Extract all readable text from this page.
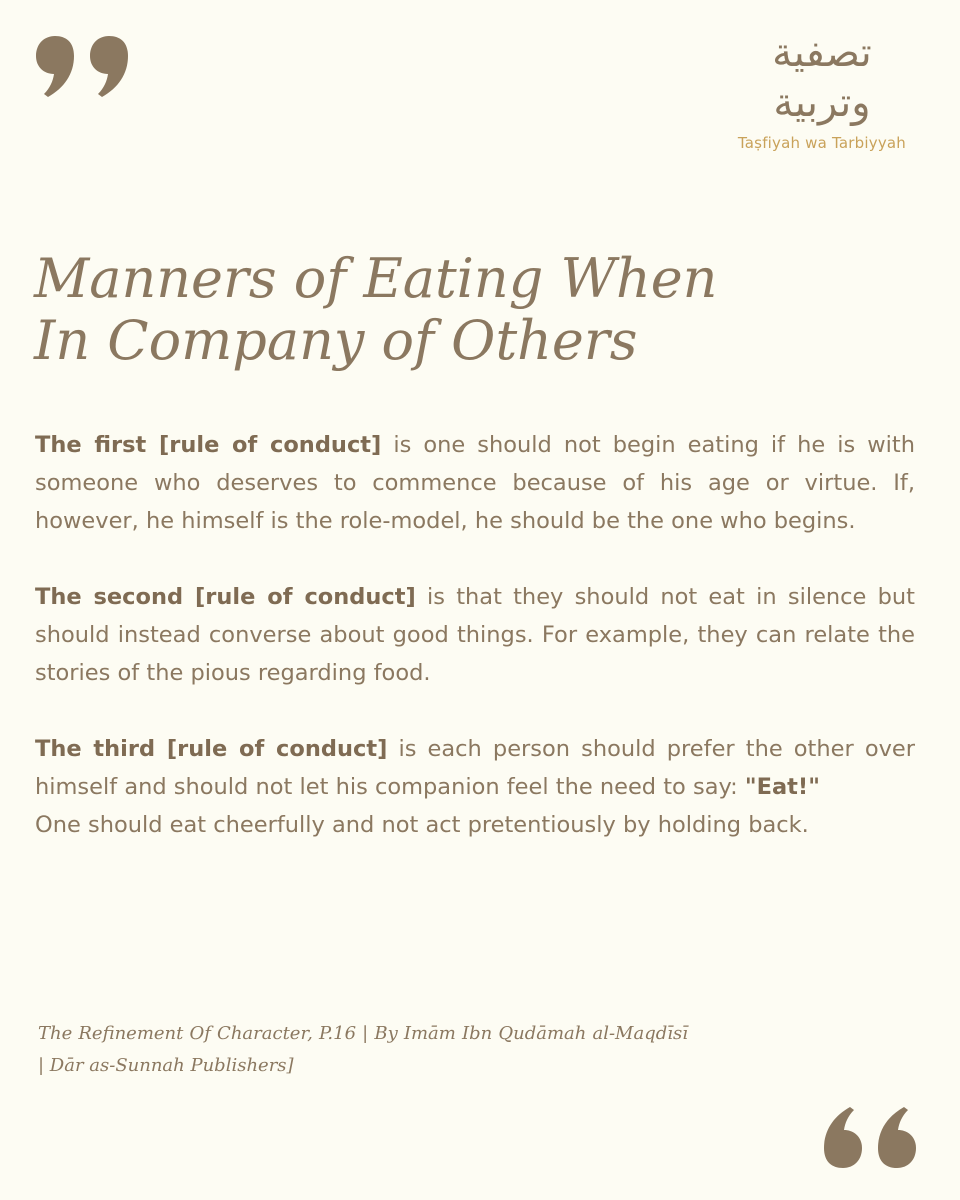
تصفية
وتربية
Taṣfiyah wa Tarbiyyah
Manners of Eating When
In Company of Others

The first [rule of conduct] is one should not begin eating if he is with someone who deserves to commence because of his age or virtue. If, however, he himself is the role-model, he should be the one who begins.

The second [rule of conduct] is that they should not eat in silence but should instead converse about good things. For example, they can relate the stories of the pious regarding food.

The third [rule of conduct] is each person should prefer the other over himself and should not let his companion feel the need to say: "Eat!"
One should eat cheerfully and not act pretentiously by holding back.

The Refinement Of Character, P.16 | By Imām Ibn Qudāmah al-Maqdīsī | Dār as-Sunnah Publishers]
